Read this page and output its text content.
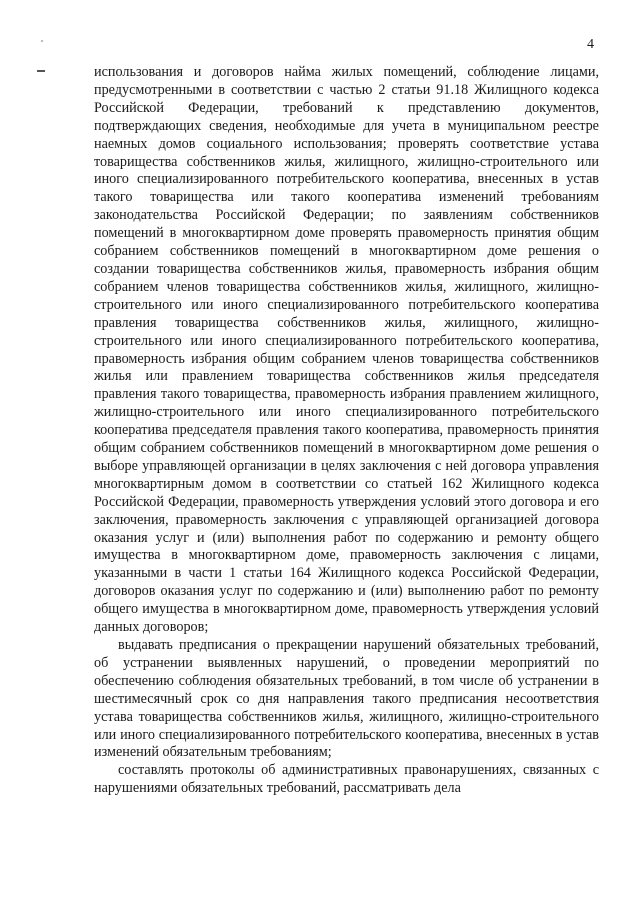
4

использования и договоров найма жилых помещений, соблюдение лицами, предусмотренными в соответствии с частью 2 статьи 91.18 Жилищного кодекса Российской Федерации, требований к представлению документов, подтверждающих сведения, необходимые для учета в муниципальном реестре наемных домов социального использования; проверять соответствие устава товарищества собственников жилья, жилищного, жилищно-строительного или иного специализированного потребительского кооператива, внесенных в устав такого товарищества или такого кооператива изменений требованиям законодательства Российской Федерации; по заявлениям собственников помещений в многоквартирном доме проверять правомерность принятия общим собранием собственников помещений в многоквартирном доме решения о создании товарищества собственников жилья, правомерность избрания общим собранием членов товарищества собственников жилья, жилищного, жилищно-строительного или иного специализированного потребительского кооператива правления товарищества собственников жилья, жилищного, жилищно-строительного или иного специализированного потребительского кооператива, правомерность избрания общим собранием членов товарищества собственников жилья или правлением товарищества собственников жилья председателя правления такого товарищества, правомерность избрания правлением жилищного, жилищно-строительного или иного специализированного потребительского кооператива председателя правления такого кооператива, правомерность принятия общим собранием собственников помещений в многоквартирном доме решения о выборе управляющей организации в целях заключения с ней договора управления многоквартирным домом в соответствии со статьей 162 Жилищного кодекса Российской Федерации, правомерность утверждения условий этого договора и его заключения, правомерность заключения с управляющей организацией договора оказания услуг и (или) выполнения работ по содержанию и ремонту общего имущества в многоквартирном доме, правомерность заключения с лицами, указанными в части 1 статьи 164 Жилищного кодекса Российской Федерации, договоров оказания услуг по содержанию и (или) выполнению работ по ремонту общего имущества в многоквартирном доме, правомерность утверждения условий данных договоров;

выдавать предписания о прекращении нарушений обязательных требований, об устранении выявленных нарушений, о проведении мероприятий по обеспечению соблюдения обязательных требований, в том числе об устранении в шестимесячный срок со дня направления такого предписания несоответствия устава товарищества собственников жилья, жилищного, жилищно-строительного или иного специализированного потребительского кооператива, внесенных в устав изменений обязательным требованиям;

составлять протоколы об административных правонарушениях, связанных с нарушениями обязательных требований, рассматривать дела
